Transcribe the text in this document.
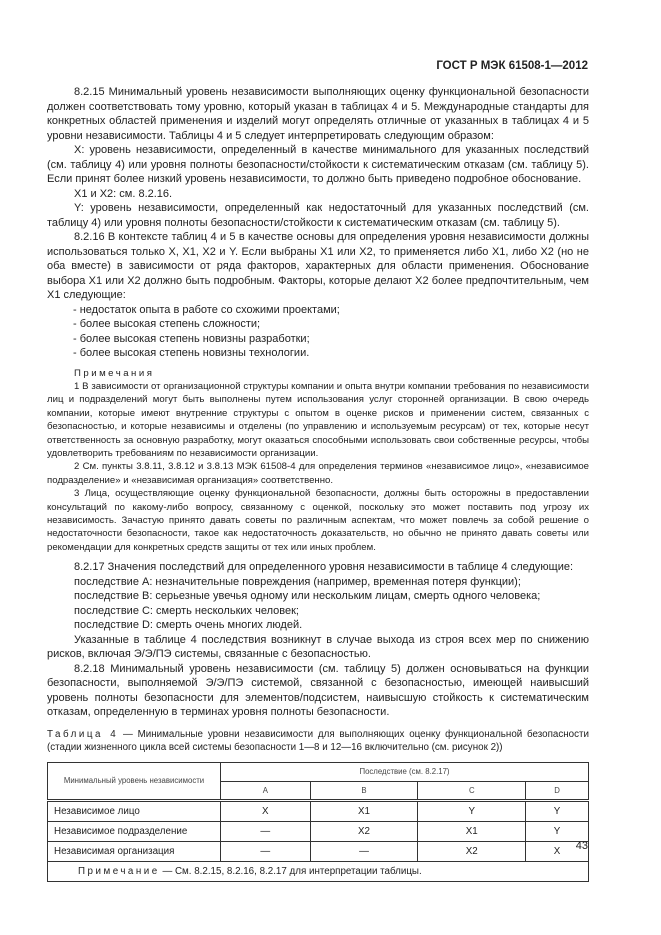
ГОСТ Р МЭК 61508-1—2012

8.2.15 Минимальный уровень независимости выполняющих оценку функциональной безопасности должен соответствовать тому уровню, который указан в таблицах 4 и 5. Международные стандарты для конкретных областей применения и изделий могут определять отличные от указанных в таблицах 4 и 5 уровни независимости. Таблицы 4 и 5 следует интерпретировать следующим образом:

X: уровень независимости, определенный в качестве минимального для указанных последствий (см. таблицу 4) или уровня полноты безопасности/стойкости к систематическим отказам (см. таблицу 5). Если принят более низкий уровень независимости, то должно быть приведено подробное обоснование.

X1 и X2: см. 8.2.16.

Y: уровень независимости, определенный как недостаточный для указанных последствий (см. таблицу 4) или уровня полноты безопасности/стойкости к систематическим отказам (см. таблицу 5).

8.2.16 В контексте таблиц 4 и 5 в качестве основы для определения уровня независимости должны использоваться только X, X1, X2 и Y. Если выбраны X1 или X2, то применяется либо X1, либо X2 (но не оба вместе) в зависимости от ряда факторов, характерных для области применения. Обоснование выбора X1 или X2 должно быть подробным. Факторы, которые делают X2 более предпочтительным, чем X1 следующие:

- недостаток опыта в работе со схожими проектами;

- более высокая степень сложности;

- более высокая степень новизны разработки;

- более высокая степень новизны технологии.

Примечания

1 В зависимости от организационной структуры компании и опыта внутри компании требования по независимости лиц и подразделений могут быть выполнены путем использования услуг сторонней организации. В свою очередь компании, которые имеют внутренние структуры с опытом в оценке рисков и применении систем, связанных с безопасностью, и которые независимы и отделены (по управлению и используемым ресурсам) от тех, которые несут ответственность за основную разработку, могут оказаться способными использовать свои собственные ресурсы, чтобы удовлетворить требованиям по независимости организации.

2 См. пункты 3.8.11, 3.8.12 и 3.8.13 МЭК 61508-4 для определения терминов «независимое лицо», «независимое подразделение» и «независимая организация» соответственно.

3 Лица, осуществляющие оценку функциональной безопасности, должны быть осторожны в предоставлении консультаций по какому-либо вопросу, связанному с оценкой, поскольку это может поставить под угрозу их независимость. Зачастую принято давать советы по различным аспектам, что может повлечь за собой решение о недостаточности безопасности, такое как недостаточность доказательств, но обычно не принято давать советы или рекомендации для конкретных средств защиты от тех или иных проблем.

8.2.17 Значения последствий для определенного уровня независимости в таблице 4 следующие:

последствие A: незначительные повреждения (например, временная потеря функции);

последствие B: серьезные увечья одному или нескольким лицам, смерть одного человека;

последствие C: смерть нескольких человек;

последствие D: смерть очень многих людей.

Указанные в таблице 4 последствия возникнут в случае выхода из строя всех мер по снижению рисков, включая Э/Э/ПЭ системы, связанные с безопасностью.

8.2.18 Минимальный уровень независимости (см. таблицу 5) должен основываться на функции безопасности, выполняемой Э/Э/ПЭ системой, связанной с безопасностью, имеющей наивысший уровень полноты безопасности для элементов/подсистем, наивысшую стойкость к систематическим отказам, определенную в терминах уровня полноты безопасности.

Таблица 4 — Минимальные уровни независимости для выполняющих оценку функциональной безопасности (стадии жизненного цикла всей системы безопасности 1—8 и 12—16 включительно (см. рисунок 2))

Минимальный уровень независимости	Последствие (см. 8.2.17)			
	A	B	C	D
Независимое лицо	X	X1	Y	Y
Независимое подразделение	—	X2	X1	Y
Независимая организация	—	—	X2	X
Примечание — См. 8.2.15, 8.2.16, 8.2.17 для интерпретации таблицы.				
43
